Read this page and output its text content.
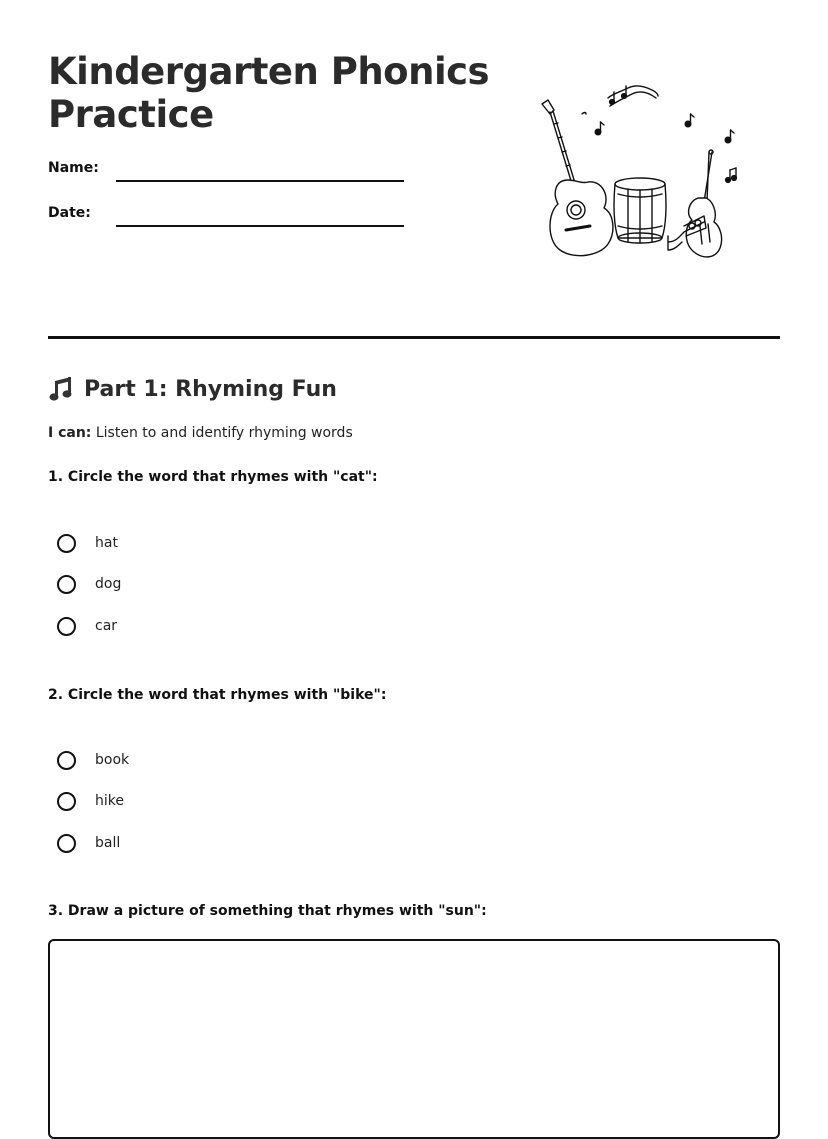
Kindergarten Phonics Practice
Name:
Date:
Part 1: Rhyming Fun
I can: Listen to and identify rhyming words
1. Circle the word that rhymes with "cat":
hat
dog
car
2. Circle the word that rhymes with "bike":
book
hike
ball
3. Draw a picture of something that rhymes with "sun":
